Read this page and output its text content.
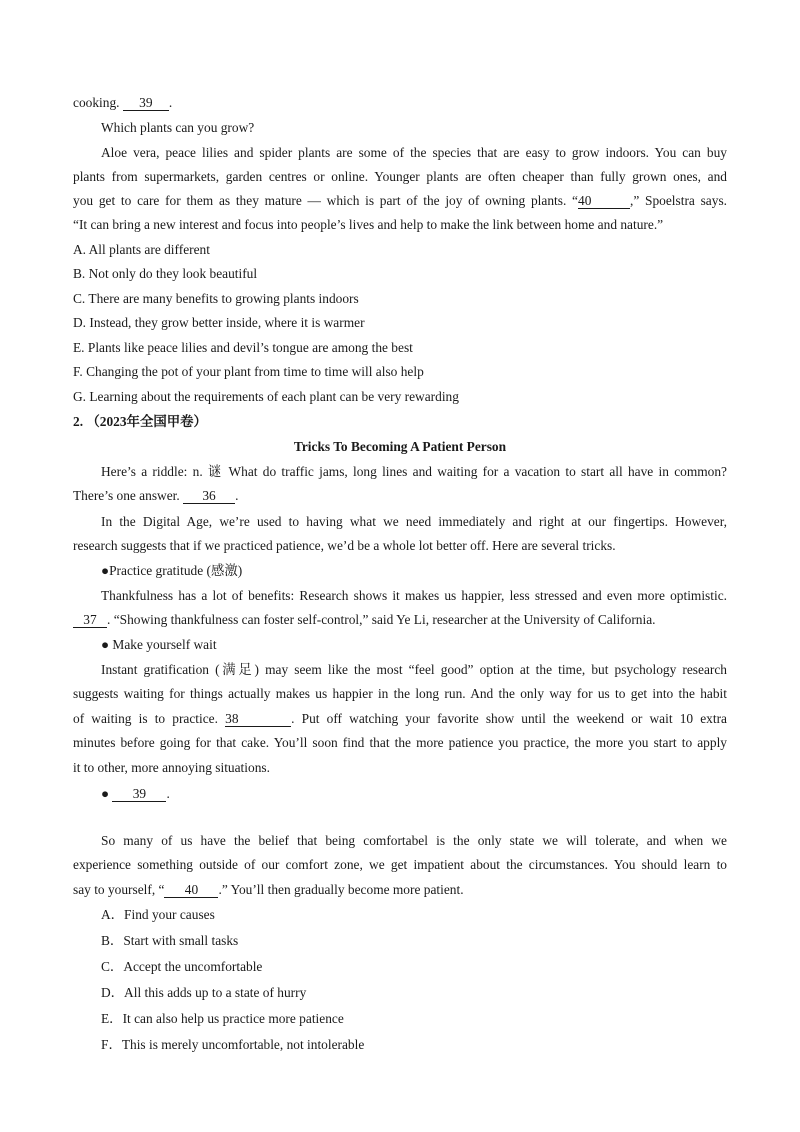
cooking. 39 .
Which plants can you grow?
Aloe vera, peace lilies and spider plants are some of the species that are easy to grow indoors. You can buy
plants from supermarkets, garden centres or online. Younger plants are often cheaper than fully grown ones, and
you get to care for them as they mature — which is part of the joy of owning plants. “40	,” Spoelstra says.
“It can bring a new interest and focus into people’s lives and help to make the link between home and nature.”
A. All plants are different
B. Not only do they look beautiful
C. There are many benefits to growing plants indoors
D. Instead, they grow better inside, where it is warmer
E. Plants like peace lilies and devil’s tongue are among the best
F. Changing the pot of your plant from time to time will also help
G. Learning about the requirements of each plant can be very rewarding
2. （2023年全国甲卷）
Tricks To Becoming A Patient Person
Here’s a riddle: n. 谜 What do traffic jams, long lines and waiting for a vacation to start all have in common?
There’s one answer. 36 .
In the Digital Age, we’re used to having what we need immediately and right at our fingertips. However,
research suggests that if we practiced patience, we’d be a whole lot better off. Here are several tricks.
●Practice gratitude (感激)
Thankfulness has a lot of benefits: Research shows it makes us happier, less stressed and even more optimistic.
37 . “Showing thankfulness can foster self-control,” said Ye Li, researcher at the University of California.
● Make yourself wait
Instant gratification (满足) may seem like the most “feel good” option at the time, but psychology research
suggests waiting for things actually makes us happier in the long run. And the only way for us to get into the habit
of waiting is to practice. 38	. Put off watching your favorite show until the weekend or wait 10 extra
minutes before going for that cake. You’ll soon find that the more patience you practice, the more you start to apply
it to other, more annoying situations.
● 39 .
So many of us have the belief that being comfortabel is the only state we will tolerate, and when we
experience something outside of our comfort zone, we get impatient about the circumstances. You should learn to
say to yourself, “ 40 .” You’ll then gradually become more patient.
A．Find your causes
B．Start with small tasks
C．Accept the uncomfortable
D．All this adds up to a state of hurry
E．It can also help us practice more patience
F．This is merely uncomfortable, not intolerable
